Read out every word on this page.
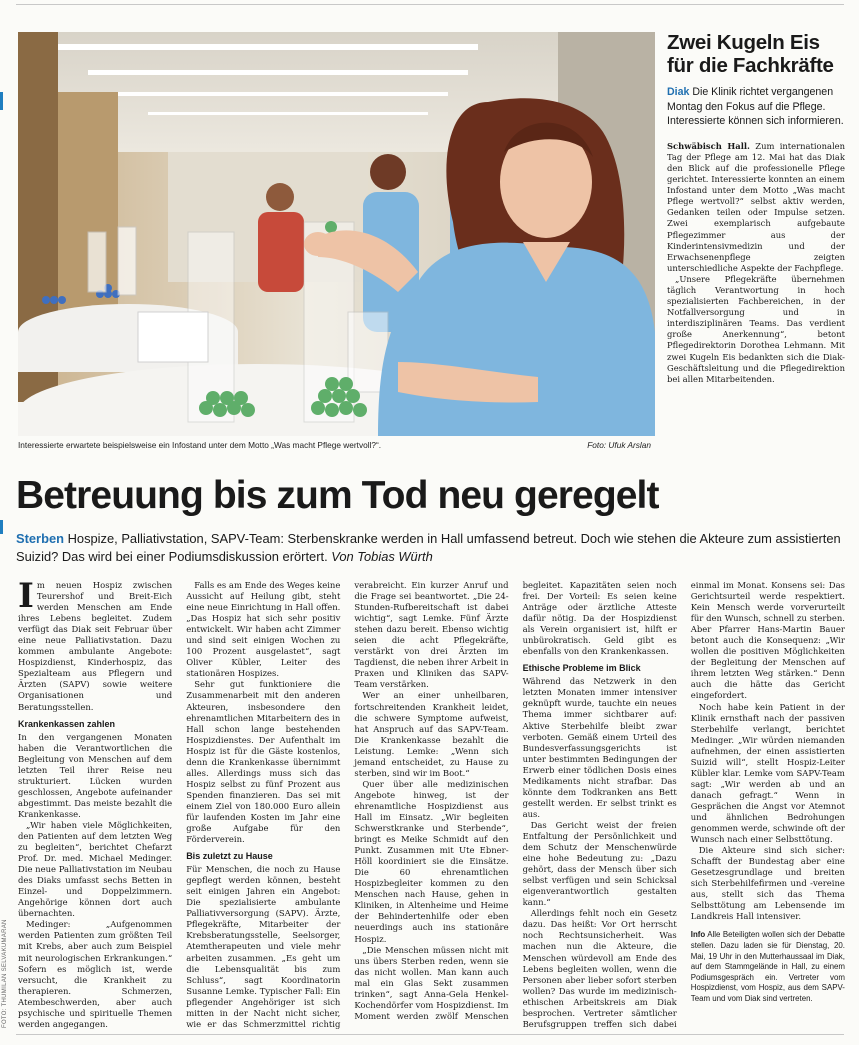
Interessierte erwartete beispielsweise ein Infostand unter dem Motto „Was macht Pflege wertvoll?“.	Foto: Ufuk Arslan
Zwei Kugeln Eis für die Fachkräfte
Diak Die Klinik richtet vergangenen Montag den Fokus auf die Pflege. Interessierte können sich informieren.

Schwäbisch Hall. Zum internationalen Tag der Pflege am 12. Mai hat das Diak den Blick auf die professionelle Pflege gerichtet. Interessierte konnten an einem Infostand unter dem Motto „Was macht Pflege wertvoll?“ selbst aktiv werden, Gedanken teilen oder Impulse setzen. Zwei exemplarisch aufgebaute Pflegezimmer aus der Kinderintensivmedizin und der Erwachsenenpflege zeigten unterschiedliche Aspekte der Fachpflege.

„Unsere Pflegekräfte übernehmen täglich Verantwortung in hoch spezialisierten Fachbereichen, in der Notfallversorgung und in interdisziplinären Teams. Das verdient große Anerkennung“, betont Pflegedirektorin Dorothea Lehmann. Mit zwei Kugeln Eis bedankten sich die Diak-Geschäftsleitung und die Pflegedirektion bei allen Mitarbeitenden.

Betreuung bis zum Tod neu geregelt
Sterben Hospize, Palliativstation, SAPV-Team: Sterbenskranke werden in Hall umfassend betreut. Doch wie stehen die Akteure zum assistierten Suizid? Das wird bei einer Podiumsdiskussion erörtert. Von Tobias Würth

Im neuen Hospiz zwischen Teurershof und Breit-Eich werden Menschen am Ende ihres Lebens begleitet. Zudem verfügt das Diak seit Februar über eine neue Palliativstation. Dazu kommen ambulante Angebote: Hospizdienst, Kinderhospiz, das Spezialteam aus Pflegern und Ärzten (SAPV) sowie weitere Organisationen und Beratungsstellen.

Krankenkassen zahlen

In den vergangenen Monaten haben die Verantwortlichen die Begleitung von Menschen auf dem letzten Teil ihrer Reise neu strukturiert. Lücken wurden geschlossen, Angebote aufeinander abgestimmt. Das meiste bezahlt die Krankenkasse.

„Wir haben viele Möglichkeiten, den Patienten auf dem letzten Weg zu begleiten“, berichtet Chefarzt Prof. Dr. med. Michael Medinger. Die neue Palliativstation im Neubau des Diaks umfasst sechs Betten in Einzel- und Doppelzimmern. Angehörige können dort auch übernachten.

Medinger: „Aufgenommen werden Patienten zum größten Teil mit Krebs, aber auch zum Beispiel mit neurologischen Erkrankungen.“ Sofern es möglich ist, werde versucht, die Krankheit zu therapieren. Schmerzen, Atembeschwerden, aber auch psychische und spirituelle Themen werden angegangen.

Falls es am Ende des Weges keine Aussicht auf Heilung gibt, steht eine neue Einrichtung in Hall offen. „Das Hospiz hat sich sehr positiv entwickelt. Wir haben acht Zimmer und sind seit einigen Wochen zu 100 Prozent ausgelastet“, sagt Oliver Kübler, Leiter des stationären Hospizes.

Sehr gut funktioniere die Zusammenarbeit mit den anderen Akteuren, insbesondere den ehrenamtlichen Mitarbeitern des in Hall schon lange bestehenden Hospizdienstes. Der Aufenthalt im Hospiz ist für die Gäste kostenlos, denn die Krankenkasse übernimmt alles. Allerdings muss sich das Hospiz selbst zu fünf Prozent aus Spenden finanzieren. Das sei mit einem Ziel von 180.000 Euro allein für laufenden Kosten im Jahr eine große Aufgabe für den Förderverein.

Bis zuletzt zu Hause

Für Menschen, die noch zu Hause gepflegt werden können, besteht seit einigen Jahren ein Angebot: Die spezialisierte ambulante Palliativversorgung (SAPV). Ärzte, Pflegekräfte, Mitarbeiter der Krebsberatungsstelle, Seelsorger, Atemtherapeuten und viele mehr arbeiten zusammen. „Es geht um die Lebensqualität bis zum Schluss“, sagt Koordinatorin Susanne Lemke. Typischer Fall: Ein pflegender Angehöriger ist sich mitten in der Nacht nicht sicher, wie er das Schmerzmittel richtig verabreicht. Ein kurzer Anruf und die Frage sei beantwortet. „Die 24-Stunden-Rufbereitschaft ist dabei wichtig“, sagt Lemke. Fünf Ärzte stehen dazu bereit. Ebenso wichtig seien die acht Pflegekräfte, verstärkt von drei Ärzten im Tagdienst, die neben ihrer Arbeit in Praxen und Kliniken das SAPV-Team verstärken.

Wer an einer unheilbaren, fortschreitenden Krankheit leidet, die schwere Symptome aufweist, hat Anspruch auf das SAPV-Team. Die Krankenkasse bezahlt die Leistung. Lemke: „Wenn sich jemand entscheidet, zu Hause zu sterben, sind wir im Boot.“

Quer über alle medizinischen Angebote hinweg, ist der ehrenamtliche Hospizdienst aus Hall im Einsatz. „Wir begleiten Schwerstkranke und Sterbende“, bringt es Meike Schmidt auf den Punkt. Zusammen mit Ute Ebner-Höll koordiniert sie die Einsätze. Die 60 ehrenamtlichen Hospizbegleiter kommen zu den Menschen nach Hause, gehen in Kliniken, in Altenheime und Heime der Behindertenhilfe oder eben neuerdings auch ins stationäre Hospiz.

„Die Menschen müssen nicht mit uns übers Sterben reden, wenn sie das nicht wollen. Man kann auch mal ein Glas Sekt zusammen trinken“, sagt Anna-Gela Henkel-Kochendörfer vom Hospizdienst. Im Moment werden zwölf Menschen begleitet. Kapazitäten seien noch frei. Der Vorteil: Es seien keine Anträge oder ärztliche Atteste dafür nötig. Da der Hospizdienst als Verein organisiert ist, hilft er unbürokratisch. Geld gibt es ebenfalls von den Krankenkassen.

Ethische Probleme im Blick

Während das Netzwerk in den letzten Monaten immer intensiver geknüpft wurde, tauchte ein neues Thema immer sichtbarer auf: Aktive Sterbehilfe bleibt zwar verboten. Gemäß einem Urteil des Bundesverfassungsgerichts ist unter bestimmten Bedingungen der Erwerb einer tödlichen Dosis eines Medikaments nicht strafbar. Das könnte dem Todkranken ans Bett gestellt werden. Er selbst trinkt es aus.

Das Gericht weist der freien Entfaltung der Persönlichkeit und dem Schutz der Menschenwürde eine hohe Bedeutung zu: „Dazu gehört, dass der Mensch über sich selbst verfügen und sein Schicksal eigenverantwortlich gestalten kann.“

Allerdings fehlt noch ein Gesetz dazu. Das heißt: Vor Ort herrscht noch Rechtsunsicherheit. Was machen nun die Akteure, die Menschen würdevoll am Ende des Lebens begleiten wollen, wenn die Personen aber lieber sofort sterben wollen? Das wurde im medizinisch-ethischen Arbeitskreis am Diak besprochen. Vertreter sämtlicher Berufsgruppen treffen sich dabei einmal im Monat. Konsens sei: Das Gerichtsurteil werde respektiert. Kein Mensch werde vorverurteilt für den Wunsch, schnell zu sterben. Aber Pfarrer Hans-Martin Bauer betont auch die Konsequenz: „Wir wollen die positiven Möglichkeiten der Begleitung der Menschen auf ihrem letzten Weg stärken.“ Denn auch die hätte das Gericht eingefordert.

Noch habe kein Patient in der Klinik ernsthaft nach der passiven Sterbehilfe verlangt, berichtet Medinger. „Wir würden niemanden aufnehmen, der einen assistierten Suizid will“, stellt Hospiz-Leiter Kübler klar. Lemke vom SAPV-Team sagt: „Wir werden ab und an danach gefragt.“ Wenn in Gesprächen die Angst vor Atemnot und ähnlichen Bedrohungen genommen werde, schwinde oft der Wunsch nach einer Selbsttötung.

Die Akteure sind sich sicher: Schafft der Bundestag aber eine Gesetzesgrundlage und breiten sich Sterbehilfefirmen und -vereine aus, stellt sich das Thema Selbsttötung am Lebensende im Landkreis Hall intensiver.

Info Alle Beteiligten wollen sich der Debatte stellen. Dazu laden sie für Dienstag, 20. Mai, 19 Uhr in den Mutterhaussaal im Diak, auf dem Stammgelände in Hall, zu einem Podiumsgespräch ein. Vertreter vom Hospizdienst, vom Hospiz, aus dem SAPV-Team und vom Diak sind vertreten.

FOTO: THUMILAN SELVAKUMARAN
